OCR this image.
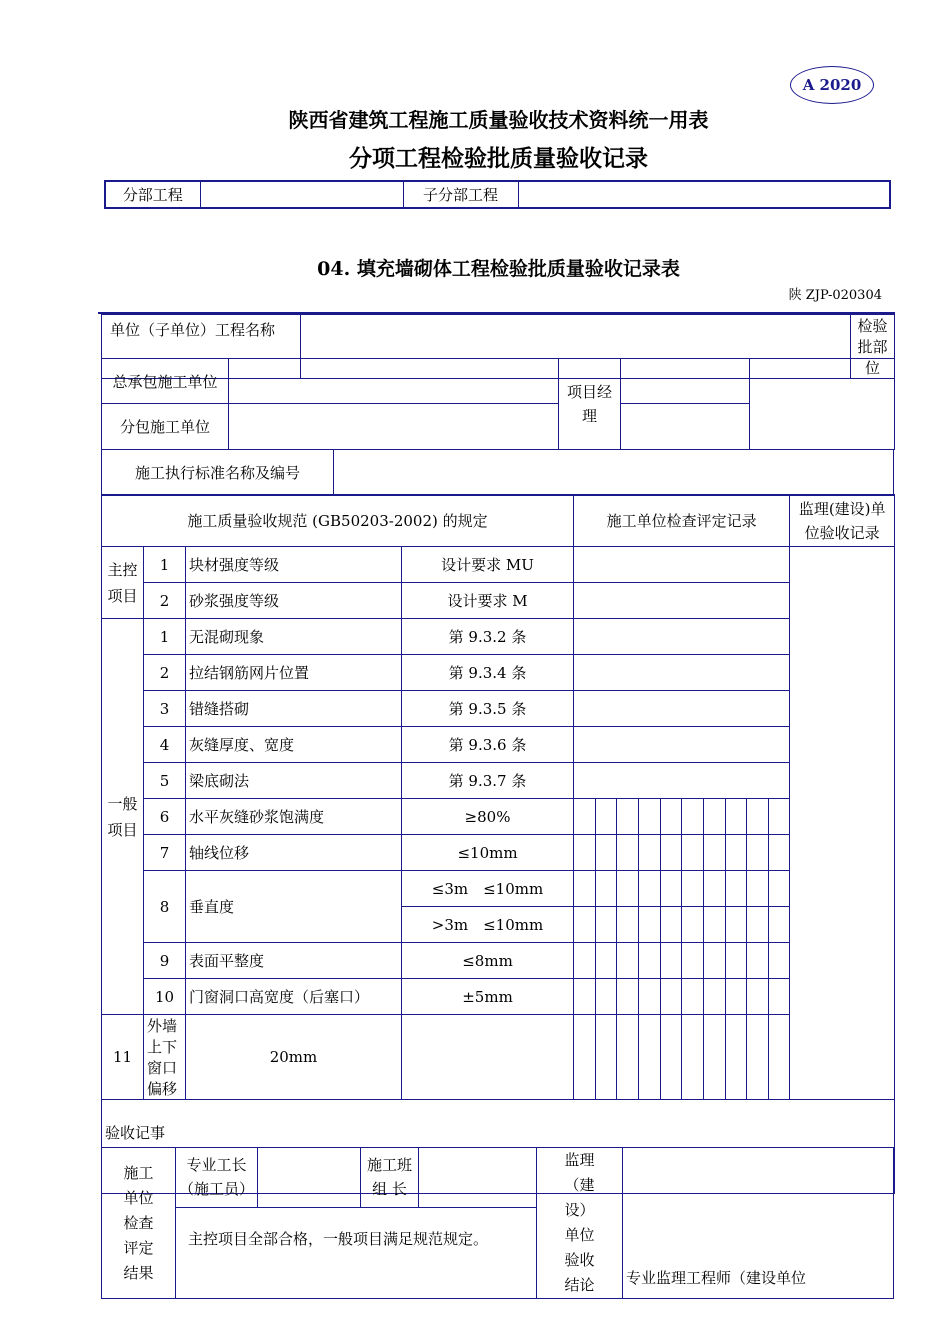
A 2020
陕西省建筑工程施工质量验收技术资料统一用表
分项工程检验批质量验收记录
分部工程		子分部工程	
04. 填充墙砌体工程检验批质量验收记录表
陕 ZJP-020304
单位（子单位）工程名称		检验批部位
总承包施工单位		项目经理		
分包施工单位				
施工执行标准名称及编号	
施工质量验收规范 (GB50203-2002) 的规定				施工单位检查评定记录										监理(建设)单位验收记录
主控项目	1	块材强度等级	设计要求 MU											
	2	砂浆强度等级	设计要求 M											
一般项目	1	无混砌现象	第 9.3.2 条											
	2	拉结钢筋网片位置	第 9.3.4 条											
	3	错缝搭砌	第 9.3.5 条											
	4	灰缝厚度、宽度	第 9.3.6 条											
	5	梁底砌法	第 9.3.7 条											
	6	水平灰缝砂浆饱满度	≥80%											
	7	轴线位移	≤10mm											
	8	垂直度	≤3m　≤10mm											
			>3m　≤10mm											
	9	表面平整度	≤8mm											
	10	门窗洞口高宽度（后塞口）	±5mm											
11	外墙上下窗口偏移	20mm												
验收记事														
施工单位检查评定结果	专业工长（施工员）		施工班组 长		监理（建设）单位验收结论	专业监理工程师（建设单位
主控项目全部合格，一般项目满足规范规定。
